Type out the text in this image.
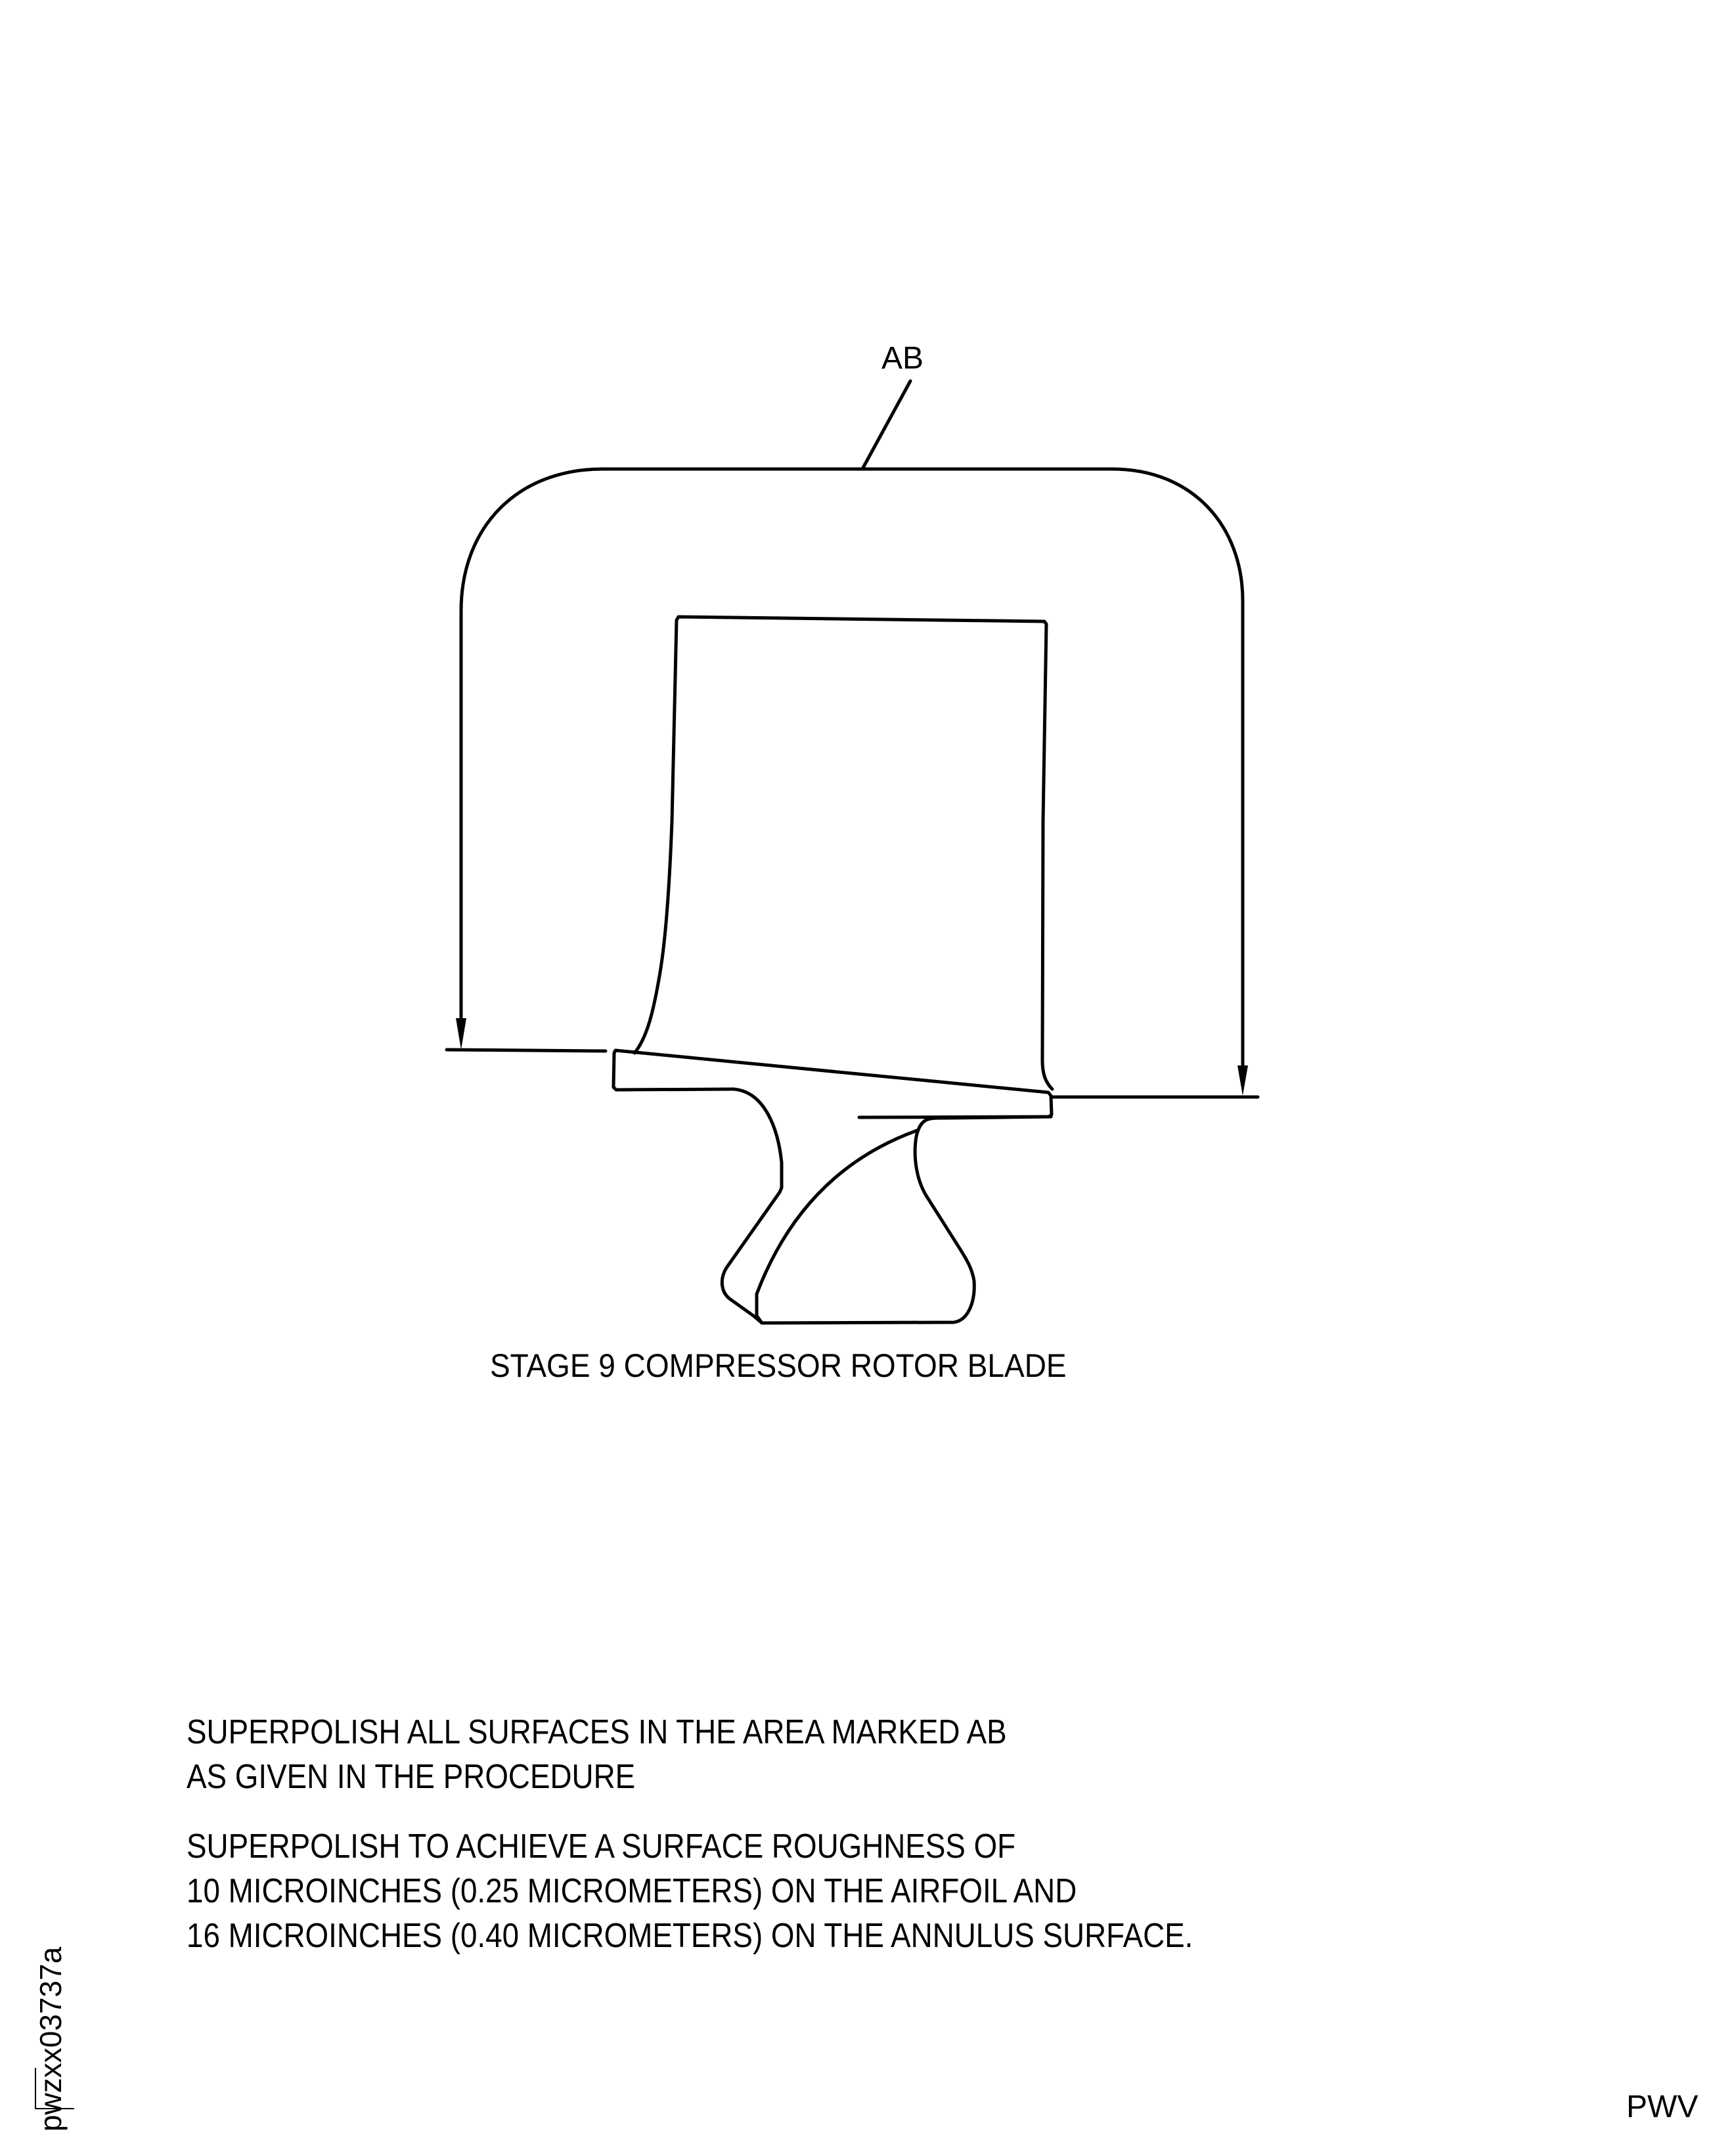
AB
STAGE 9 COMPRESSOR ROTOR BLADE
SUPERPOLISH ALL SURFACES IN THE AREA MARKED AB
AS GIVEN IN THE PROCEDURE
SUPERPOLISH TO ACHIEVE A SURFACE ROUGHNESS OF
10 MICROINCHES (0.25 MICROMETERS) ON THE AIRFOIL AND
16 MICROINCHES (0.40 MICROMETERS) ON THE ANNULUS SURFACE.
pwzxx03737a	PWV
